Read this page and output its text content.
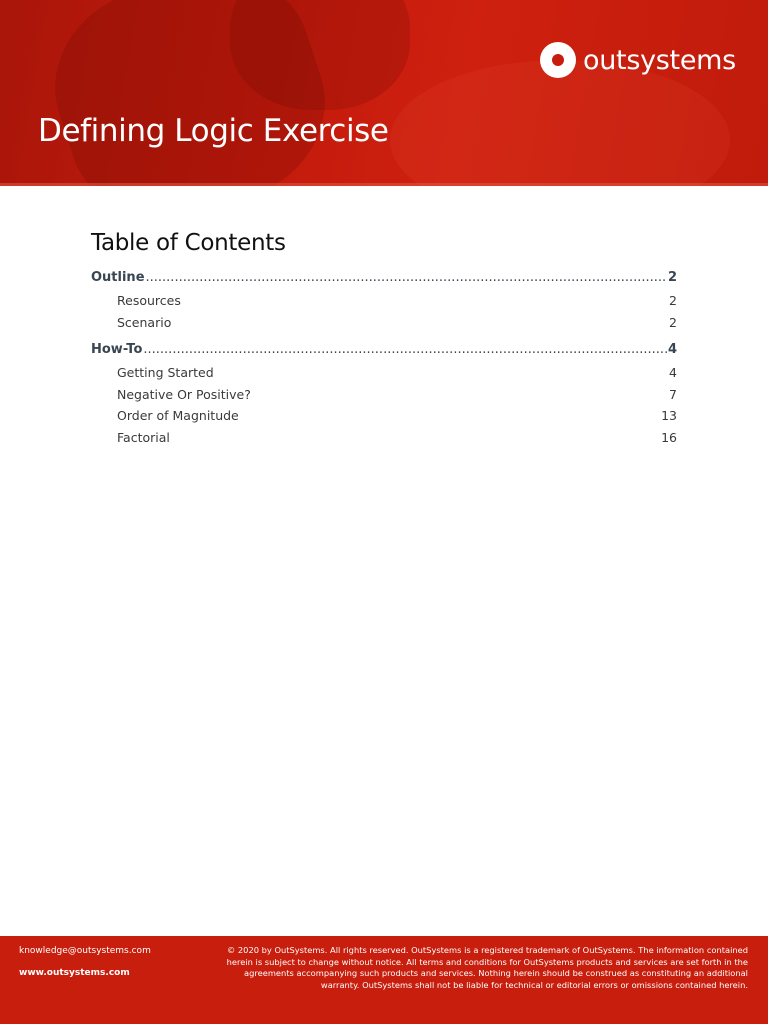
outsystems
Defining Logic Exercise
Table of Contents
Outline .....	2
Resources	2
Scenario	2
How-To .....	4
Getting Started	4
Negative Or Positive?	7
Order of Magnitude	13
Factorial	16
knowledge@outsystems.com
www.outsystems.com
© 2020 by OutSystems. All rights reserved. OutSystems is a registered trademark of OutSystems. The information contained
herein is subject to change without notice. All terms and conditions for OutSystems products and services are set forth in the
agreements accompanying such products and services. Nothing herein should be construed as constituting an additional
warranty. OutSystems shall not be liable for technical or editorial errors or omissions contained herein.
